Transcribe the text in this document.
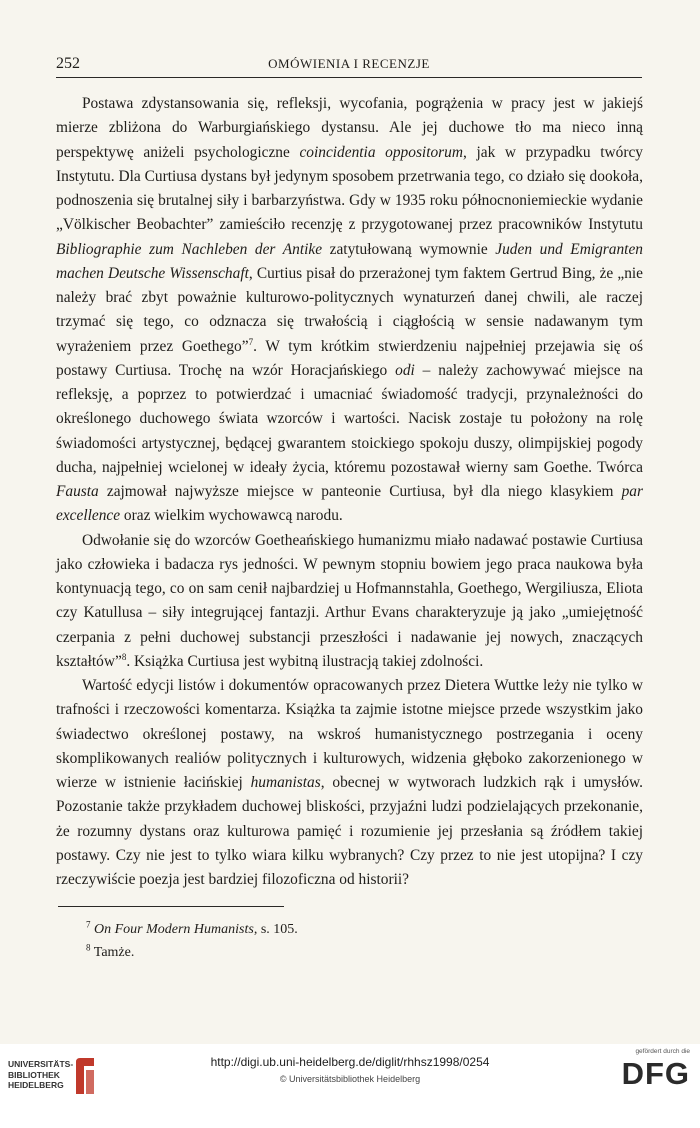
252	OMÓWIENIA I RECENZJE

Postawa zdystansowania się, refleksji, wycofania, pogrążenia w pracy jest w jakiejś mierze zbliżona do Warburgiańskiego dystansu. Ale jej duchowe tło ma nieco inną perspektywę aniżeli psychologiczne coincidentia oppositorum, jak w przypadku twórcy Instytutu. Dla Curtiusa dystans był jedynym sposobem przetrwania tego, co działo się dookoła, podnoszenia się brutalnej siły i barbarzyństwa. Gdy w 1935 roku północnoniemieckie wydanie „Völkischer Beobachter” zamieściło recenzję z przygotowanej przez pracowników Instytutu Bibliographie zum Nachleben der Antike zatytułowaną wymownie Juden und Emigranten machen Deutsche Wissenschaft, Curtius pisał do przerażonej tym faktem Gertrud Bing, że „nie należy brać zbyt poważnie kulturowo-politycznych wynaturzeń danej chwili, ale raczej trzymać się tego, co odznacza się trwałością i ciągłością w sensie nadawanym tym wyrażeniem przez Goethego”$^7$. W tym krótkim stwierdzeniu najpełniej przejawia się oś postawy Curtiusa. Trochę na wzór Horacjańskiego odi – należy zachowywać miejsce na refleksję, a poprzez to potwierdzać i umacniać świadomość tradycji, przynależności do określonego duchowego świata wzorców i wartości. Nacisk zostaje tu położony na rolę świadomości artystycznej, będącej gwarantem stoickiego spokoju duszy, olimpijskiej pogody ducha, najpełniej wcielonej w ideały życia, któremu pozostawał wierny sam Goethe. Twórca Fausta zajmował najwyższe miejsce w panteonie Curtiusa, był dla niego klasykiem par excellence oraz wielkim wychowawcą narodu.

Odwołanie się do wzorców Goetheańskiego humanizmu miało nadawać postawie Curtiusa jako człowieka i badacza rys jedności. W pewnym stopniu bowiem jego praca naukowa była kontynuacją tego, co on sam cenił najbardziej u Hofmannstahla, Goethego, Wergiliusza, Eliota czy Katullusa – siły integrującej fantazji. Arthur Evans charakteryzuje ją jako „umiejętność czerpania z pełni duchowej substancji przeszłości i nadawanie jej nowych, znaczących kształtów”$^8$. Książka Curtiusa jest wybitną ilustracją takiej zdolności.

Wartość edycji listów i dokumentów opracowanych przez Dietera Wuttke leży nie tylko w trafności i rzeczowości komentarza. Książka ta zajmie istotne miejsce przede wszystkim jako świadectwo określonej postawy, na wskroś humanistycznego postrzegania i oceny skomplikowanych realiów politycznych i kulturowych, widzenia głęboko zakorzenionego w wierze w istnienie łacińskiej humanistas, obecnej w wytworach ludzkich rąk i umysłów. Pozostanie także przykładem duchowej bliskości, przyjaźni ludzi podzielających przekonanie, że rozumny dystans oraz kulturowa pamięć i rozumienie jej przesłania są źródłem takiej postawy. Czy nie jest to tylko wiara kilku wybranych? Czy przez to nie jest utopijna? I czy rzeczywiście poezja jest bardziej filozoficzna od historii?

$^7$ On Four Modern Humanists, s. 105.

$^8$ Tamże.

UNIVERSITÄTS-
BIBLIOTHEK
HEIDELBERG
http://digi.ub.uni-heidelberg.de/diglit/rhhsz1998/0254
© Universitätsbibliothek Heidelberg
gefördert durch die
DFG
